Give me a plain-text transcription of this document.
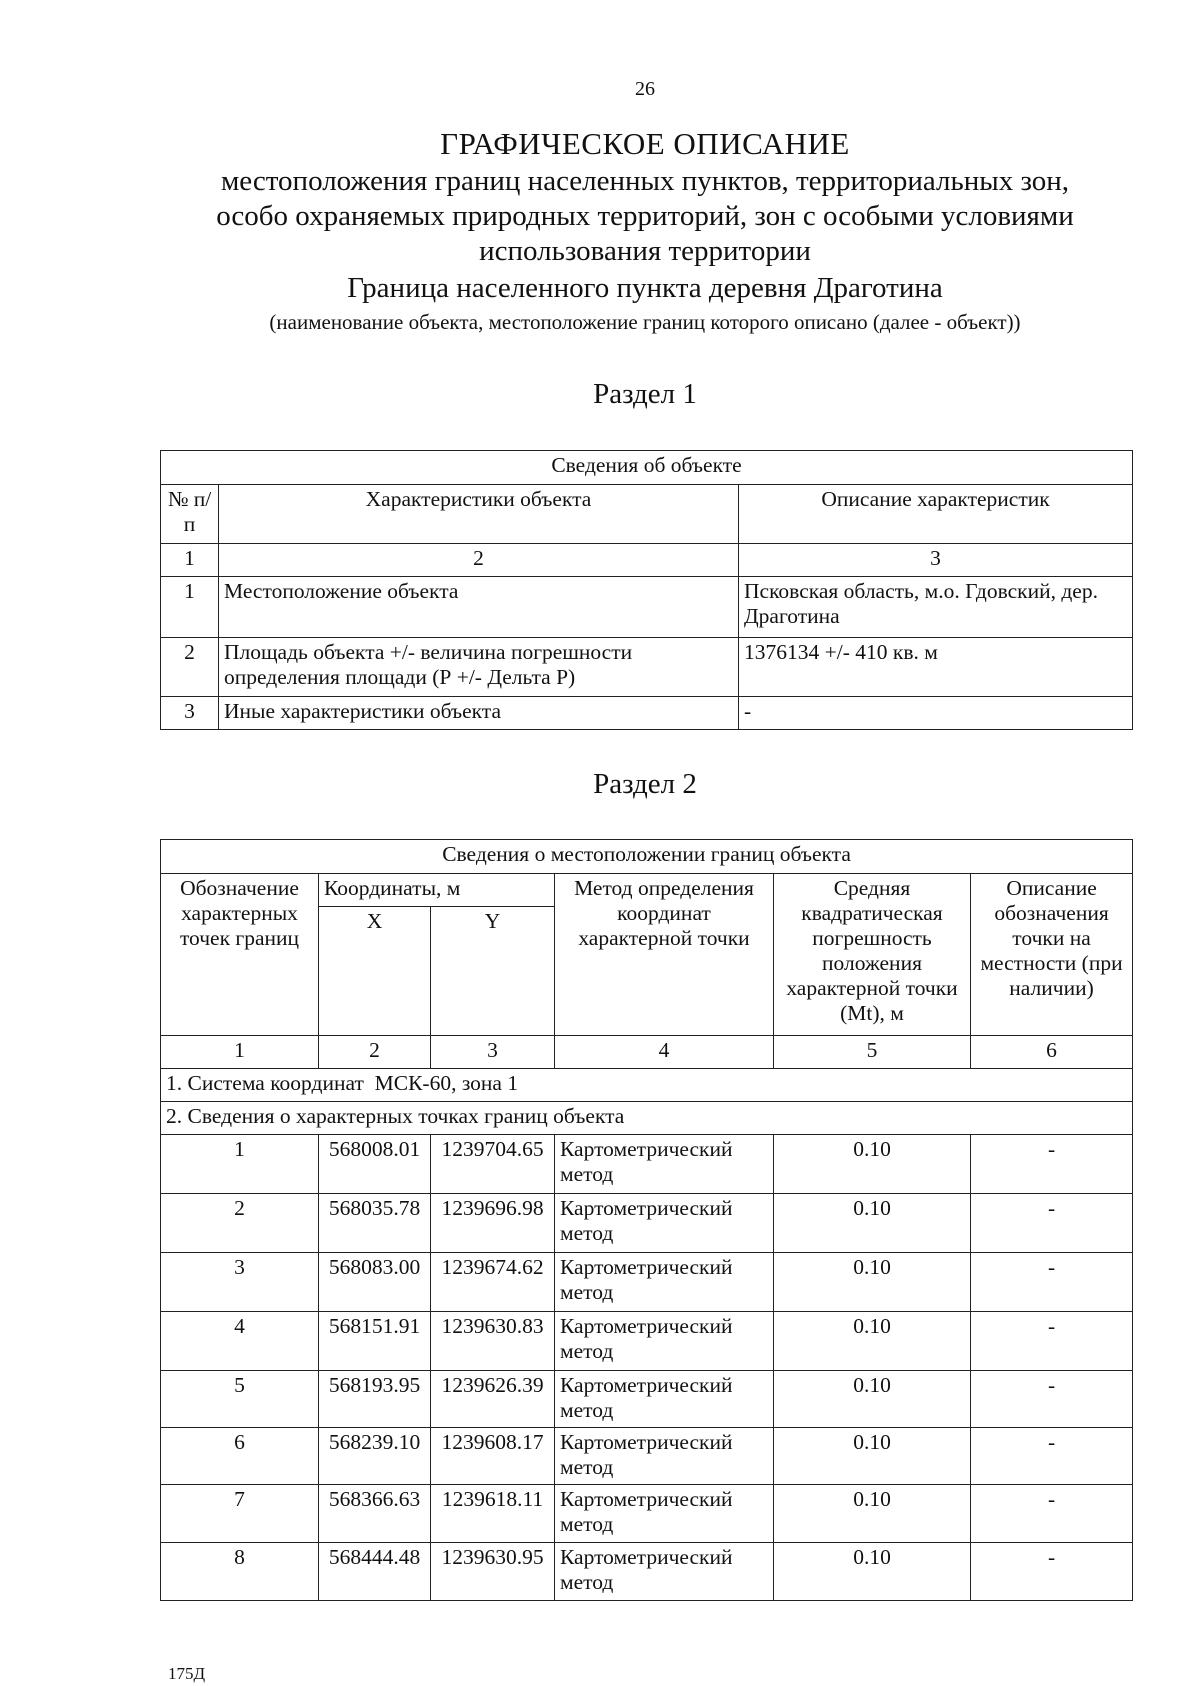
26
ГРАФИЧЕСКОЕ ОПИСАНИЕ
местоположения границ населенных пунктов, территориальных зон,
особо охраняемых природных территорий, зон с особыми условиями
использования территории
Граница населенного пункта деревня Драготина
(наименование объекта, местоположение границ которого описано (далее - объект))
Раздел 1
Сведения об объекте		
№ п/п	Характеристики объекта	Описание характеристик
1	2	3
1	Местоположение объекта	Псковская область, м.о. Гдовский, дер. Драготина
2	Площадь объекта +/- величина погрешности определения площади (Р +/- Дельта Р)	1376134 +/- 410 кв. м
3	Иные характеристики объекта	-
Раздел 2
Сведения о местоположении границ объекта					
Обозначение характерных точек границ	Координаты, м		Метод определения координат характерной точки	Средняя квадратическая погрешность положения характерной точки (Mt), м	Описание обозначения точки на местности (при наличии)
	X	Y			
1	2	3	4	5	6
1. Система координат  МСК-60, зона 1					
2. Сведения о характерных точках границ объекта					
1	568008.01	1239704.65	Картометрический метод	0.10	-
2	568035.78	1239696.98	Картометрический метод	0.10	-
3	568083.00	1239674.62	Картометрический метод	0.10	-
4	568151.91	1239630.83	Картометрический метод	0.10	-
5	568193.95	1239626.39	Картометрический метод	0.10	-
6	568239.10	1239608.17	Картометрический метод	0.10	-
7	568366.63	1239618.11	Картометрический метод	0.10	-
8	568444.48	1239630.95	Картометрический метод	0.10	-
175Д
